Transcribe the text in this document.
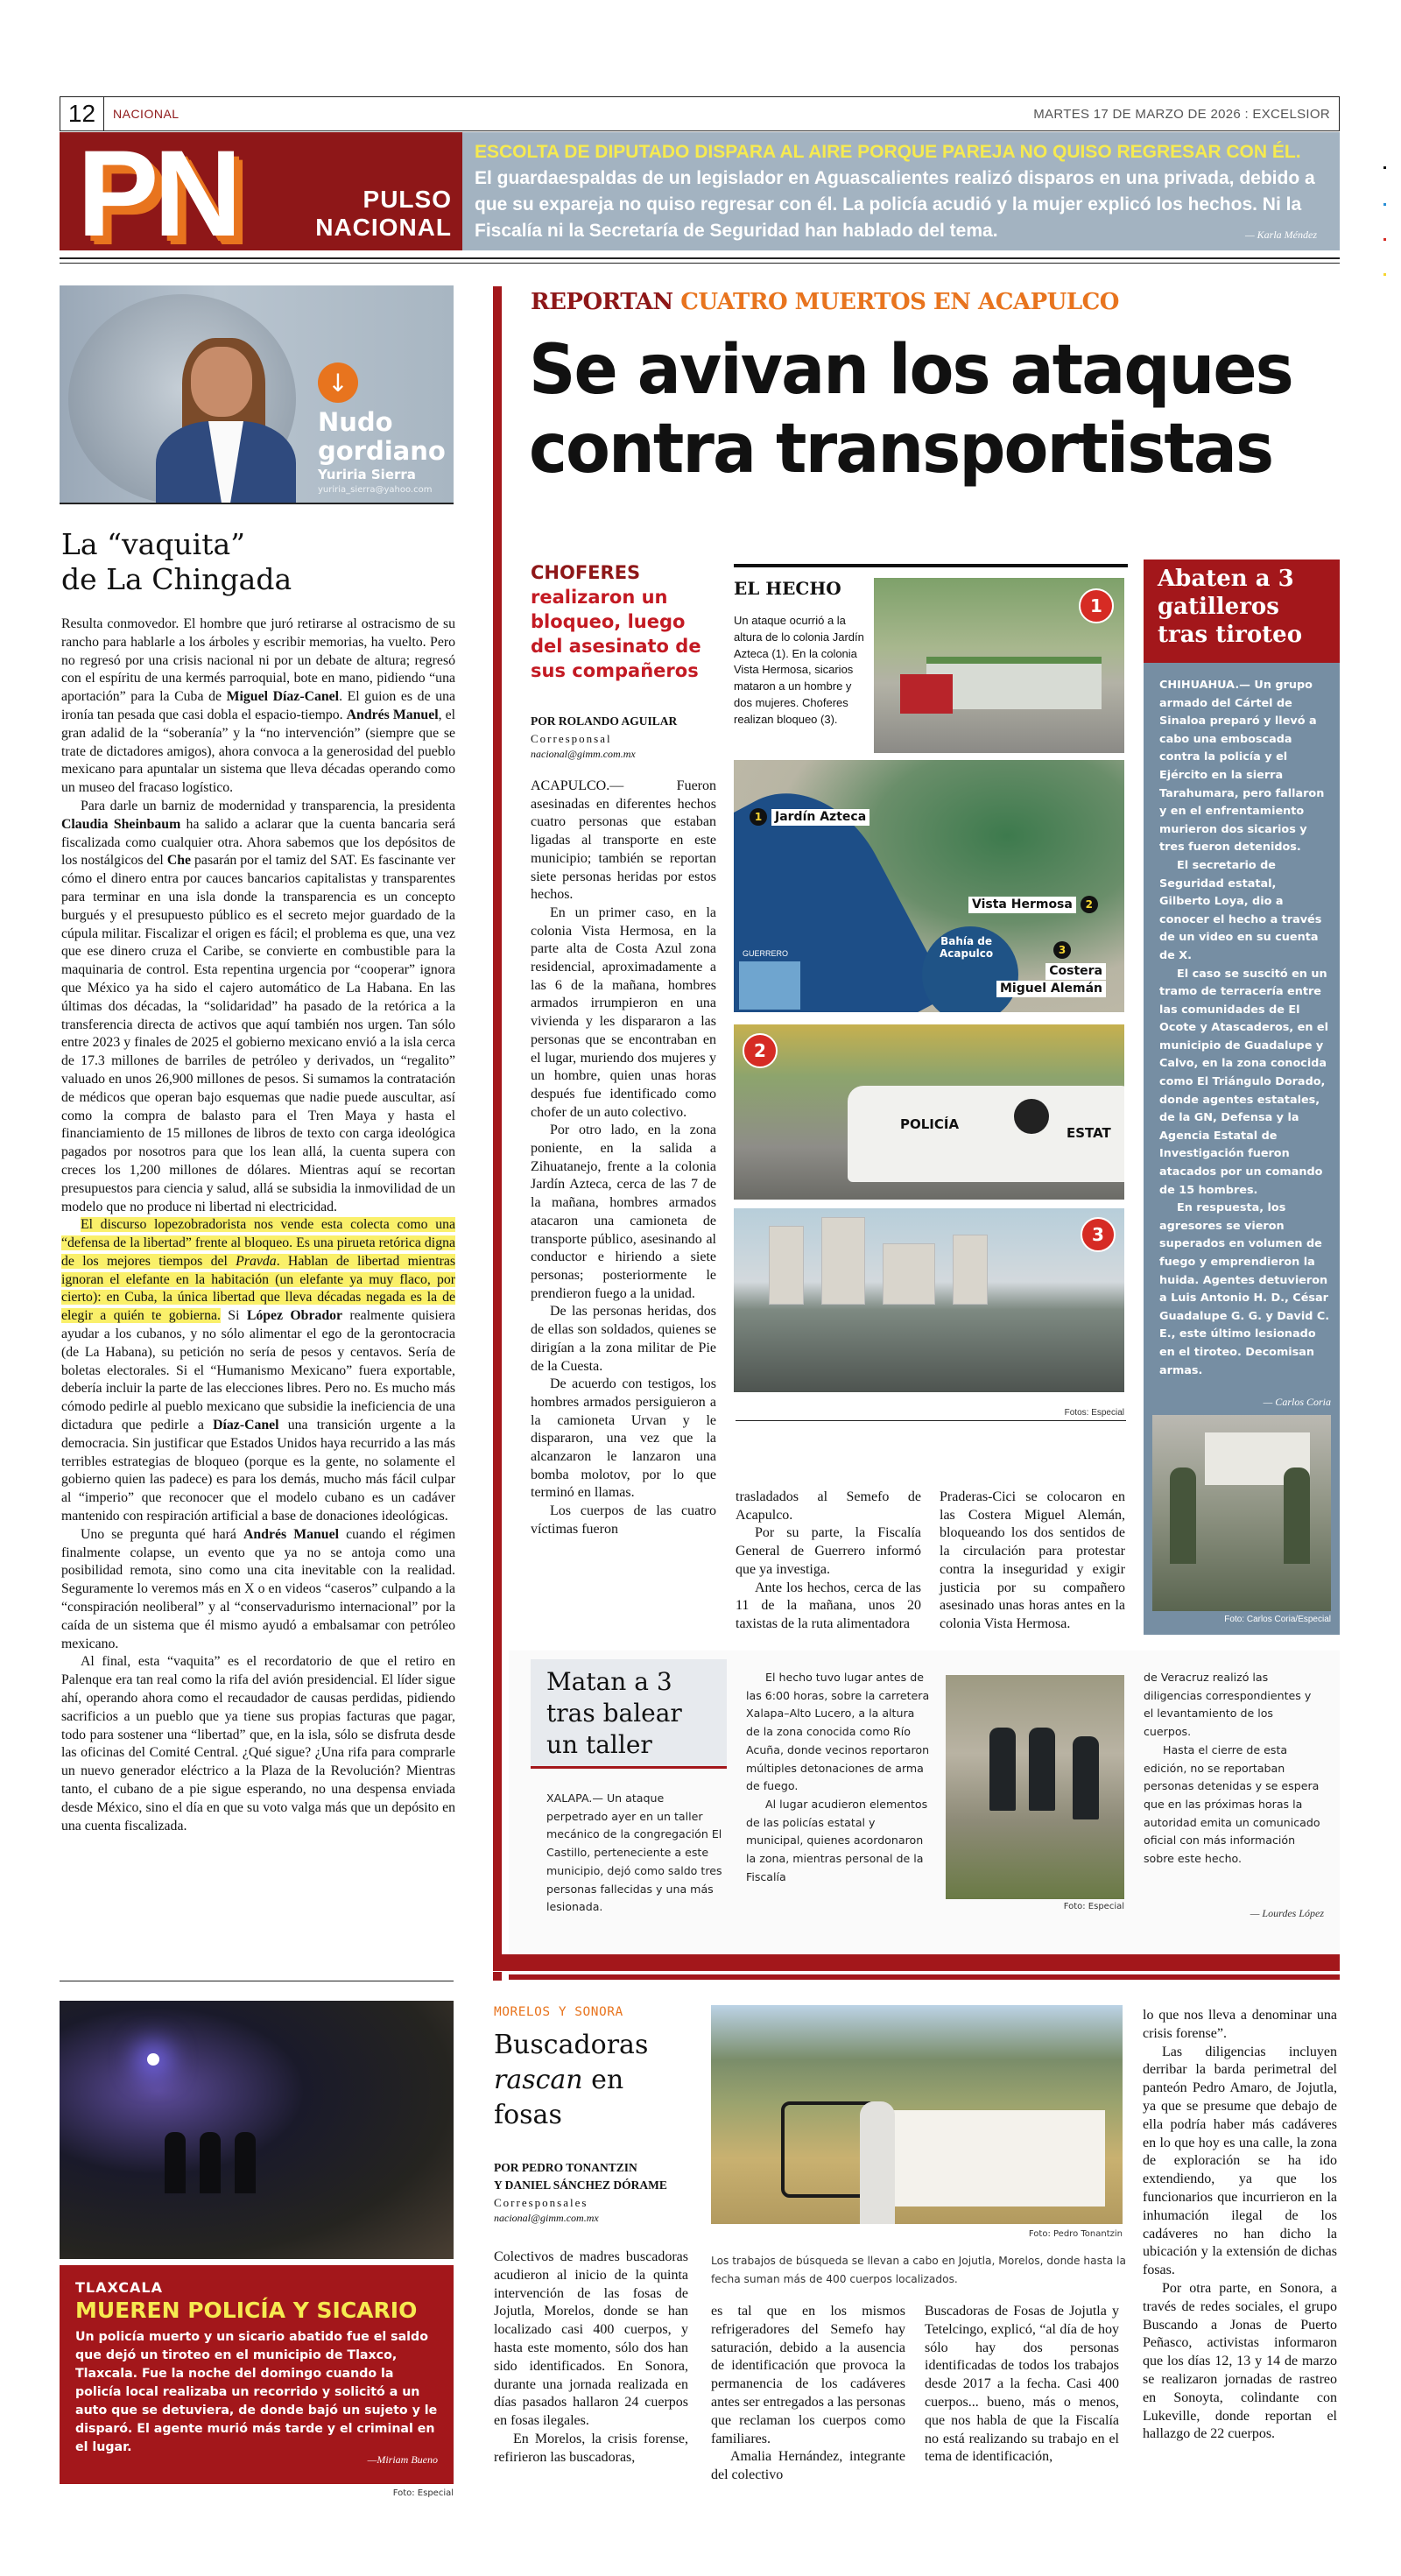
12	NACIONAL	MARTES 17 DE MARZO DE 2026 : EXCELSIOR
PN	PULSO
NACIONAL
ESCOLTA DE DIPUTADO DISPARA AL AIRE PORQUE PAREJA NO QUISO REGRESAR CON ÉL. El guardaespaldas de un legislador en Aguascalientes realizó disparos en una privada, debido a que su expareja no quiso regresar con él. La policía acudió y la mujer explicó los hechos. Ni la Fiscalía ni la Secretaría de Seguridad han hablado del tema.	— Karla Méndez
↓
Nudo
gordiano
Yuriria Sierra
yuriria_sierra@yahoo.com
La “vaquita”
de La Chingada

Resulta conmovedor. El hombre que juró retirarse al ostracismo de su rancho para hablarle a los árboles y escribir memorias, ha vuelto. Pero no regresó por una crisis nacional ni por un debate de altura; regresó con el espíritu de una kermés parroquial, bote en mano, pidiendo “una aportación” para la Cuba de Miguel Díaz-Canel. El guion es de una ironía tan pesada que casi dobla el espacio-tiempo. Andrés Manuel, el gran adalid de la “soberanía” y la “no intervención” (siempre que se trate de dictadores amigos), ahora convoca a la generosidad del pueblo mexicano para apuntalar un sistema que lleva décadas operando como un museo del fracaso logístico.

Para darle un barniz de modernidad y transparencia, la presidenta Claudia Sheinbaum ha salido a aclarar que la cuenta bancaria será fiscalizada como cualquier otra. Ahora sabemos que los depósitos de los nostálgicos del Che pasarán por el tamiz del SAT. Es fascinante ver cómo el dinero entra por cauces bancarios capitalistas y transparentes para terminar en una isla donde la transparencia es un concepto burgués y el presupuesto público es el secreto mejor guardado de la cúpula militar. Fiscalizar el origen es fácil; el problema es que, una vez que ese dinero cruza el Caribe, se convierte en combustible para la maquinaria de control. Esta repentina urgencia por “cooperar” ignora que México ya ha sido el cajero automático de La Habana. En las últimas dos décadas, la “solidaridad” ha pasado de la retórica a la transferencia directa de activos que aquí también nos urgen. Tan sólo entre 2023 y finales de 2025 el gobierno mexicano envió a la isla cerca de 17.3 millones de barriles de petróleo y derivados, un “regalito” valuado en unos 26,900 millones de pesos. Si sumamos la contratación de médicos que operan bajo esquemas que nadie puede auscultar, así como la compra de balasto para el Tren Maya y hasta el financiamiento de 15 millones de libros de texto con carga ideológica pagados por nosotros para que los lean allá, la cuenta supera con creces los 1,200 millones de dólares. Mientras aquí se recortan presupuestos para ciencia y salud, allá se subsidia la inmovilidad de un modelo que no produce ni libertad ni electricidad.

El discurso lopezobradorista nos vende esta colecta como una “defensa de la libertad” frente al bloqueo. Es una pirueta retórica digna de los mejores tiempos del Pravda. Hablan de libertad mientras ignoran el elefante en la habitación (un elefante ya muy flaco, por cierto): en Cuba, la única libertad que lleva décadas negada es la de elegir a quién te gobierna. Si López Obrador realmente quisiera ayudar a los cubanos, y no sólo alimentar el ego de la gerontocracia (de La Habana), su petición no sería de pesos y centavos. Sería de boletas electorales. Si el “Humanismo Mexicano” fuera exportable, debería incluir la parte de las elecciones libres. Pero no. Es mucho más cómodo pedirle al pueblo mexicano que subsidie la ineficiencia de una dictadura que pedirle a Díaz-Canel una transición urgente a la democracia. Sin justificar que Estados Unidos haya recurrido a las más terribles estrategias de bloqueo (porque es la gente, no solamente el gobierno quien las padece) es para los demás, mucho más fácil culpar al “imperio” que reconocer que el modelo cubano es un cadáver mantenido con respiración artificial a base de donaciones ideológicas.

Uno se pregunta qué hará Andrés Manuel cuando el régimen finalmente colapse, un evento que ya no se antoja como una posibilidad remota, sino como una cita inevitable con la realidad. Seguramente lo veremos más en X o en videos “caseros” culpando a la “conspiración neoliberal” y al “conservadurismo internacional” por la caída de un sistema que él mismo ayudó a embalsamar con petróleo mexicano.

Al final, esta “vaquita” es el recordatorio de que el retiro en Palenque era tan real como la rifa del avión presidencial. El líder sigue ahí, operando ahora como el recaudador de causas perdidas, pidiendo sacrificios a un pueblo que ya tiene sus propias facturas que pagar, todo para sostener una “libertad” que, en la isla, sólo se disfruta desde las oficinas del Comité Central. ¿Qué sigue? ¿Una rifa para comprarle un nuevo generador eléctrico a la Plaza de la Revolución? Mientras tanto, el cubano de a pie sigue esperando, no una despensa enviada desde México, sino el día en que su voto valga más que un depósito en una cuenta fiscalizada.

REPORTAN CUATRO MUERTOS EN ACAPULCO
Se avivan los ataques
contra transportistas
CHOFERES
realizaron un bloqueo, luego del asesinato de sus compañeros
POR ROLANDO AGUILAR
Corresponsal
nacional@gimm.com.mx

ACAPULCO.— Fueron asesinadas en diferentes hechos cuatro personas que estaban ligadas al transporte en este municipio; también se reportan siete personas heridas por estos hechos.

En un primer caso, en la colonia Vista Hermosa, en la parte alta de Costa Azul zona residencial, aproximadamente a las 6 de la mañana, hombres armados irrumpieron en una vivienda y les dispararon a las personas que se encontraban en el lugar, muriendo dos mujeres y un hombre, quien unas horas después fue identificado como chofer de un auto colectivo.

Por otro lado, en la zona poniente, en la salida a Zihuatanejo, frente a la colonia Jardín Azteca, cerca de las 7 de la mañana, hombres armados atacaron una camioneta de transporte público, asesinando al conductor e hiriendo a siete personas; posteriormente le prendieron fuego a la unidad.

De las personas heridas, dos de ellas son soldados, quienes se dirigían a la zona militar de Pie de la Cuesta.

De acuerdo con testigos, los hombres armados persiguieron a la camioneta Urvan y le dispararon, una vez que la alcanzaron le lanzaron una bomba molotov, por lo que terminó en llamas.

Los cuerpos de las cuatro víctimas fueron

trasladados al Semefo de Acapulco.

Por su parte, la Fiscalía General de Guerrero informó que ya investiga.

Ante los hechos, cerca de las 11 de la mañana, unos 20 taxistas de la ruta alimentadora

Praderas-Cici se colocaron en las Costera Miguel Alemán, bloqueando los dos sentidos de la circulación para protestar contra la inseguridad y exigir justicia por su compañero asesinado unas horas antes en la colonia Vista Hermosa.

EL HECHO
Un ataque ocurrió a la altura de lo colonia Jardín Azteca (1). En la colonia Vista Hermosa, sicarios mataron a un hombre y dos mujeres. Choferes realizan bloqueo (3).
1
GUERRERO
Bahía de
Acapulco
1	Jardín Azteca
Vista Hermosa	2
3
Costera
Miguel Alemán
POLICÍA
ESTAT
2
3
Fotos: Especial
Abaten a 3 gatilleros tras tiroteo

CHIHUAHUA.— Un grupo armado del Cártel de Sinaloa preparó y llevó a cabo una emboscada contra la policía y el Ejército en la sierra Tarahumara, pero fallaron y en el enfrentamiento murieron dos sicarios y tres fueron detenidos.

El secretario de Seguridad estatal, Gilberto Loya, dio a conocer el hecho a través de un video en su cuenta de X.

El caso se suscitó en un tramo de terracería entre las comunidades de El Ocote y Atascaderos, en el municipio de Guadalupe y Calvo, en la zona conocida como El Triángulo Dorado, donde agentes estatales, de la GN, Defensa y la Agencia Estatal de Investigación fueron atacados por un comando de 15 hombres.

En respuesta, los agresores se vieron superados en volumen de fuego y emprendieron la huida. Agentes detuvieron a Luis Antonio H. D., César Guadalupe G. G. y David C. E., este último lesionado en el tiroteo. Decomisan armas.

— Carlos Coria
Foto: Carlos Coria/Especial
Matan a 3
tras balear
un taller
XALAPA.— Un ataque perpetrado ayer en un taller mecánico de la congregación El Castillo, perteneciente a este municipio, dejó como saldo tres personas fallecidas y una más lesionada.

El hecho tuvo lugar antes de las 6:00 horas, sobre la carretera Xalapa–Alto Lucero, a la altura de la zona conocida como Río Acuña, donde vecinos reportaron múltiples detonaciones de arma de fuego.

Al lugar acudieron elementos de las policías estatal y municipal, quienes acordonaron la zona, mientras personal de la Fiscalía

Foto: Especial

de Veracruz realizó las diligencias correspondientes y el levantamiento de los cuerpos.

Hasta el cierre de esta edición, no se reportaban personas detenidas y se espera que en las próximas horas la autoridad emita un comunicado oficial con más información sobre este hecho.

— Lourdes López
TLAXCALA
MUEREN POLICÍA Y SICARIO
Un policía muerto y un sicario abatido fue el saldo que dejó un tiroteo en el municipio de Tlaxco, Tlaxcala. Fue la noche del domingo cuando la policía local realizaba un recorrido y solicitó a un auto que se detuviera, de donde bajó un sujeto y le disparó. El agente murió más tarde y el criminal en el lugar.
—Miriam Bueno
Foto: Especial
MORELOS Y SONORA
Buscadoras
rascan en
fosas
POR PEDRO TONANTZIN
Y DANIEL SÁNCHEZ DÓRAME
Corresponsales
nacional@gimm.com.mx
Foto: Pedro Tonantzin
Los trabajos de búsqueda se llevan a cabo en Jojutla, Morelos, donde hasta la fecha suman más de 400 cuerpos localizados.

Colectivos de madres buscadoras acudieron al inicio de la quinta intervención de las fosas de Jojutla, Morelos, donde se han localizado casi 400 cuerpos, y hasta este momento, sólo dos han sido identificados. En Sonora, durante una jornada realizada en días pasados hallaron 24 cuerpos en fosas ilegales.

En Morelos, la crisis forense, refirieron las buscadoras,

es tal que en los mismos refrigeradores del Semefo hay saturación, debido a la ausencia de identificación que provoca la permanencia de los cadáveres antes ser entregados a las personas que reclaman los cuerpos como familiares.

Amalia Hernández, integrante del colectivo

Buscadoras de Fosas de Jojutla y Tetelcingo, explicó, “al día de hoy sólo hay dos personas identificadas de todos los trabajos desde 2017 a la fecha. Casi 400 cuerpos... bueno, más o menos, que nos habla de que la Fiscalía no está realizando su trabajo en el tema de identificación,

lo que nos lleva a denominar una crisis forense”.

Las diligencias incluyen derribar la barda perimetral del panteón Pedro Amaro, de Jojutla, ya que se presume que debajo de ella podría haber más cadáveres en lo que hoy es una calle, la zona de exploración se ha ido extendiendo, ya que los funcionarios que incurrieron en la inhumación ilegal de los cadáveres no han dicho la ubicación y la extensión de dichas fosas.

Por otra parte, en Sonora, a través de redes sociales, el grupo Buscando a Jonas de Puerto Peñasco, activistas informaron que los días 12, 13 y 14 de marzo se realizaron jornadas de rastreo en Sonoyta, colindante con Lukeville, donde reportan el hallazgo de 22 cuerpos.
